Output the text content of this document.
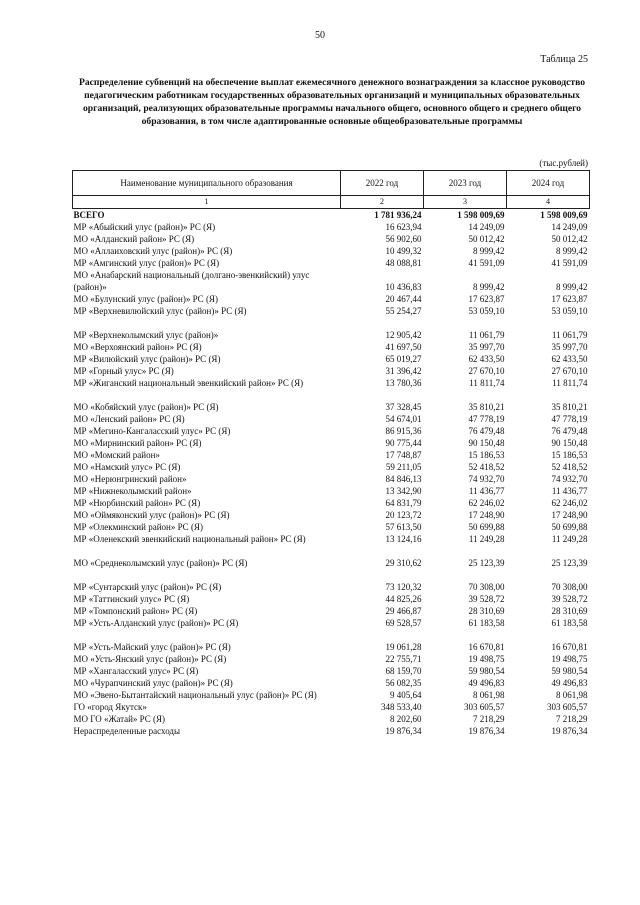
50
Таблица 25
Распределение субвенций на обеспечение выплат ежемесячного денежного вознаграждения за классное руководство педагогическим работникам государственных образовательных организаций и муниципальных образовательных организаций, реализующих образовательные программы начального общего, основного общего и среднего общего образования, в том числе адаптированные основные общеобразовательные программы
(тыс.рублей)
Наименование муниципального образования	2022 год	2023 год	2024 год
1	2	3	4
ВСЕГО	1 781 936,24	1 598 009,69	1 598 009,69
МР «Абыйский улус (район)» РС (Я)	16 623,94	14 249,09	14 249,09
МО «Алданский район» РС (Я)	56 902,60	50 012,42	50 012,42
МО «Аллаиховский улус (район)» РС (Я)	10 499,32	8 999,42	8 999,42
МР «Амгинский улус (район)» РС (Я)	48 088,81	41 591,09	41 591,09
МО «Анабарский национальный (долгано-эвенкийский) улус (район)»	10 436,83	8 999,42	8 999,42
МО «Булунский улус (район)» РС (Я)	20 467,44	17 623,87	17 623,87
МР «Верхневилюйский улус (район)» РС (Я)	55 254,27	53 059,10	53 059,10

МР «Верхнеколымский улус (район)»	12 905,42	11 061,79	11 061,79
МО «Верхоянский район» РС (Я)	41 697,50	35 997,70	35 997,70
МР «Вилюйский улус (район)» РС (Я)	65 019,27	62 433,50	62 433,50
МР «Горный улус» РС (Я)	31 396,42	27 670,10	27 670,10
МР «Жиганский национальный эвенкийский район» РС (Я)	13 780,36	11 811,74	11 811,74

МО «Кобяйский улус (район)» РС (Я)	37 328,45	35 810,21	35 810,21
МО «Ленский район» РС (Я)	54 674,01	47 778,19	47 778,19
МР «Мегино-Кангаласский улус» РС (Я)	86 915,36	76 479,48	76 479,48
МО «Мирнинский район» РС (Я)	90 775,44	90 150,48	90 150,48
МО «Момский район»	17 748,87	15 186,53	15 186,53
МО «Намский улус» РС (Я)	59 211,05	52 418,52	52 418,52
МО «Нерюнгринский район»	84 846,13	74 932,70	74 932,70
МР «Нижнеколымский район»	13 342,90	11 436,77	11 436,77
МР «Нюрбинский район» РС (Я)	64 831,79	62 246,02	62 246,02
МО «Оймяконский улус (район)» РС (Я)	20 123,72	17 248,90	17 248,90
МР «Олекминский район» РС (Я)	57 613,50	50 699,88	50 699,88
МР «Оленекский эвенкийский национальный район» РС (Я)	13 124,16	11 249,28	11 249,28

МО «Среднеколымский улус (район)» РС (Я)	29 310,62	25 123,39	25 123,39

МР «Сунтарский улус (район)» РС (Я)	73 120,32	70 308,00	70 308,00
МР «Таттинский улус» РС (Я)	44 825,26	39 528,72	39 528,72
МР «Томпонский район» РС (Я)	29 466,87	28 310,69	28 310,69
МР «Усть-Алданский улус (район)» РС (Я)	69 528,57	61 183,58	61 183,58

МР «Усть-Майский улус (район)» РС (Я)	19 061,28	16 670,81	16 670,81
МО «Усть-Янский улус (район)» РС (Я)	22 755,71	19 498,75	19 498,75
МР «Хангаласский улус» РС (Я)	68 159,70	59 980,54	59 980,54
МО «Чурапчинский улус (район)» РС (Я)	56 082,35	49 496,83	49 496,83
МО «Эвено-Бытантайский национальный улус (район)» РС (Я)	9 405,64	8 061,98	8 061,98
ГО «город Якутск»	348 533,40	303 605,57	303 605,57
МО ГО «Жатай» РС (Я)	8 202,60	7 218,29	7 218,29
Нераспределенные расходы	19 876,34	19 876,34	19 876,34
